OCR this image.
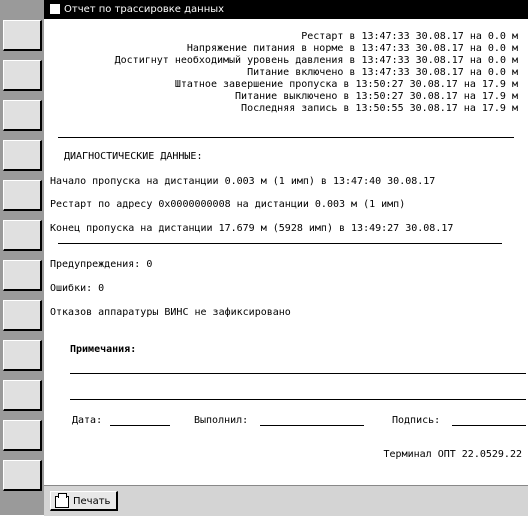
Отчет по трассировке данных
Рестарт в 13:47:33 30.08.17 на 0.0 м
Напряжение питания в норме в 13:47:33 30.08.17 на 0.0 м
Достигнут необходимый уровень давления в 13:47:33 30.08.17 на 0.0 м
Питание включено в 13:47:33 30.08.17 на 0.0 м
Штатное завершение пропуска в 13:50:27 30.08.17 на 17.9 м
Питание выключено в 13:50:27 30.08.17 на 17.9 м
Последняя запись в 13:50:55 30.08.17 на 17.9 м
ДИАГНОСТИЧЕСКИЕ ДАННЫЕ:
Начало пропуска на дистанции 0.003 м (1 имп) в 13:47:40 30.08.17
Рестарт по адресу 0x0000000008 на дистанции 0.003 м (1 имп)
Конец пропуска на дистанции 17.679 м (5928 имп) в 13:49:27 30.08.17
Предупреждения: 0
Ошибки: 0
Отказов аппаратуры ВИНС не зафиксировано
Примечания:
Дата:	Выполнил:	Подпись:
Терминал ОПТ 22.0529.22
Печать
